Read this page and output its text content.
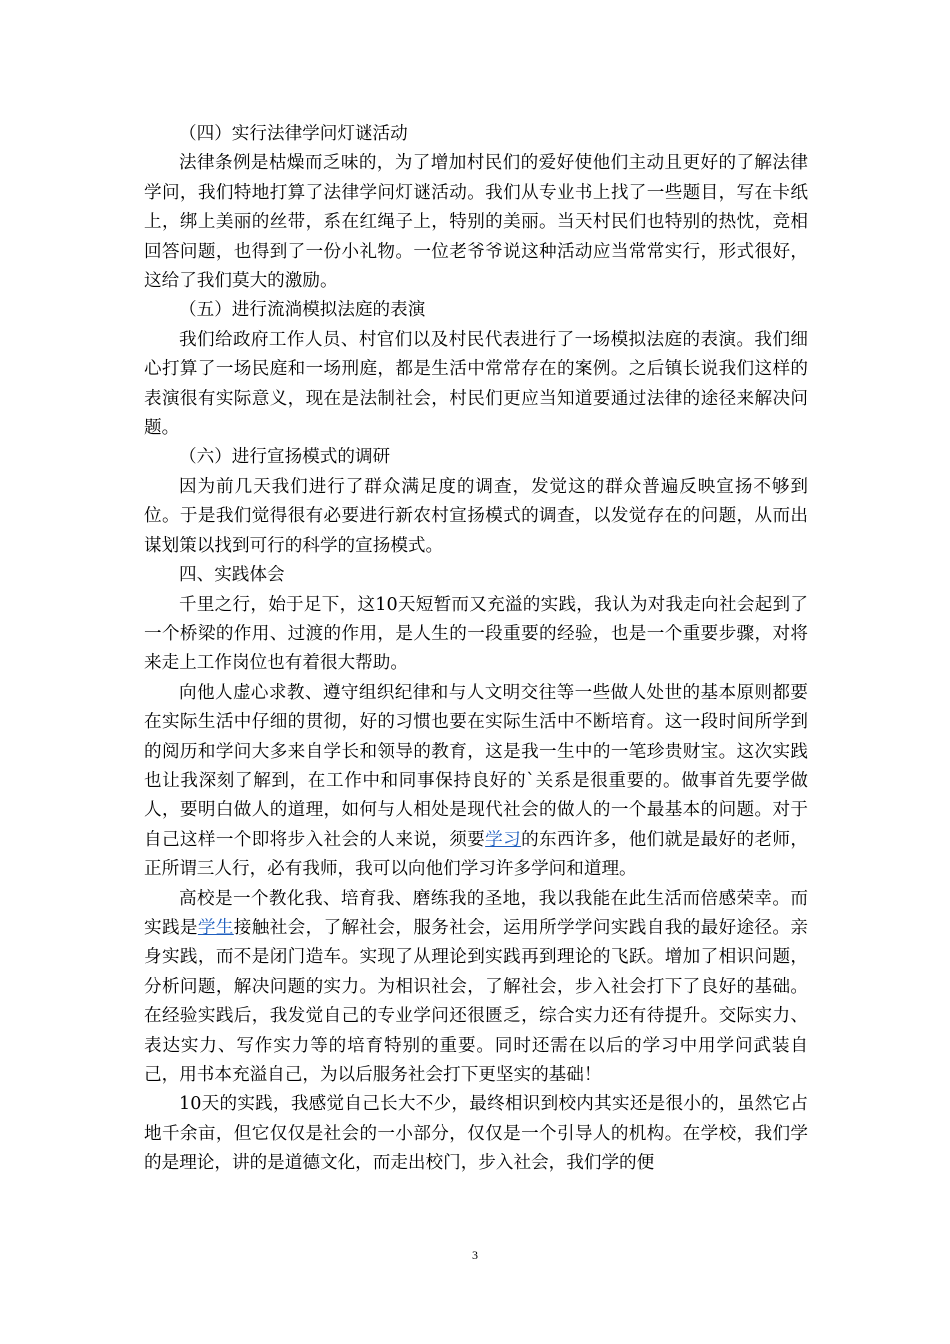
（四）实行法律学问灯谜活动

法律条例是枯燥而乏味的，为了增加村民们的爱好使他们主动且更好的了解法律学问，我们特地打算了法律学问灯谜活动。我们从专业书上找了一些题目，写在卡纸上，绑上美丽的丝带，系在红绳子上，特别的美丽。当天村民们也特别的热忱，竞相回答问题，也得到了一份小礼物。一位老爷爷说这种活动应当常常实行，形式很好，这给了我们莫大的激励。

（五）进行流淌模拟法庭的表演

我们给政府工作人员、村官们以及村民代表进行了一场模拟法庭的表演。我们细心打算了一场民庭和一场刑庭，都是生活中常常存在的案例。之后镇长说我们这样的表演很有实际意义，现在是法制社会，村民们更应当知道要通过法律的途径来解决问题。

（六）进行宣扬模式的调研

因为前几天我们进行了群众满足度的调查，发觉这的群众普遍反映宣扬不够到位。于是我们觉得很有必要进行新农村宣扬模式的调查，以发觉存在的问题，从而出谋划策以找到可行的科学的宣扬模式。

四、实践体会

千里之行，始于足下，这10天短暂而又充溢的实践，我认为对我走向社会起到了一个桥梁的作用、过渡的作用，是人生的一段重要的经验，也是一个重要步骤，对将来走上工作岗位也有着很大帮助。

向他人虚心求教、遵守组织纪律和与人文明交往等一些做人处世的基本原则都要在实际生活中仔细的贯彻，好的习惯也要在实际生活中不断培育。这一段时间所学到的阅历和学问大多来自学长和领导的教育，这是我一生中的一笔珍贵财宝。这次实践也让我深刻了解到，在工作中和同事保持良好的`关系是很重要的。做事首先要学做人，要明白做人的道理，如何与人相处是现代社会的做人的一个最基本的问题。对于自己这样一个即将步入社会的人来说，须要学习的东西许多，他们就是最好的老师，正所谓三人行，必有我师，我可以向他们学习许多学问和道理。

高校是一个教化我、培育我、磨练我的圣地，我以我能在此生活而倍感荣幸。而实践是学生接触社会，了解社会，服务社会，运用所学学问实践自我的最好途径。亲身实践，而不是闭门造车。实现了从理论到实践再到理论的飞跃。增加了相识问题，分析问题，解决问题的实力。为相识社会，了解社会，步入社会打下了良好的基础。在经验实践后，我发觉自己的专业学问还很匮乏，综合实力还有待提升。交际实力、表达实力、写作实力等的培育特别的重要。同时还需在以后的学习中用学问武装自己，用书本充溢自己，为以后服务社会打下更坚实的基础！

10天的实践，我感觉自己长大不少，最终相识到校内其实还是很小的，虽然它占地千余亩，但它仅仅是社会的一小部分，仅仅是一个引导人的机构。在学校，我们学的是理论，讲的是道德文化，而走出校门，步入社会，我们学的便

3
